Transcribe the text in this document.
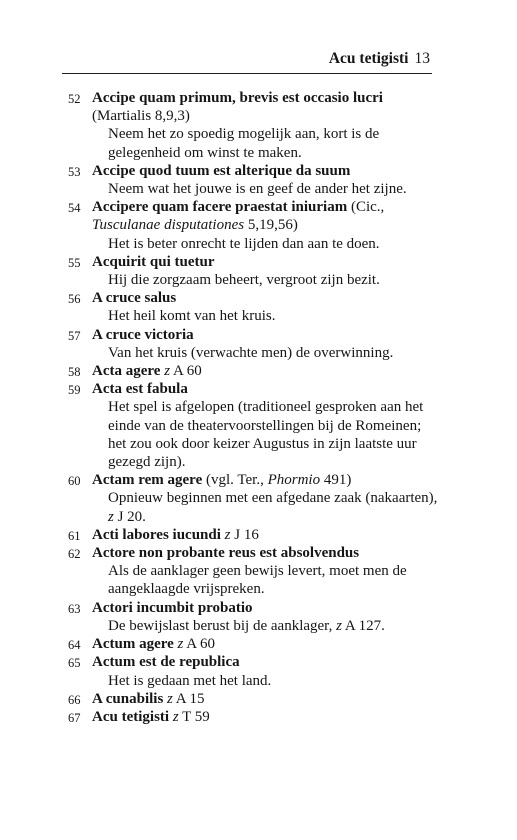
Acu tetigisti 13
52 Accipe quam primum, brevis est occasio lucri (Martialis 8,9,3)
Neem het zo spoedig mogelijk aan, kort is de gelegenheid om winst te maken.
53 Accipe quod tuum est alterique da suum
Neem wat het jouwe is en geef de ander het zijne.
54 Accipere quam facere praestat iniuriam (Cic., Tusculanae disputationes 5,19,56)
Het is beter onrecht te lijden dan aan te doen.
55 Acquirit qui tuetur
Hij die zorgzaam beheert, vergroot zijn bezit.
56 A cruce salus
Het heil komt van het kruis.
57 A cruce victoria
Van het kruis (verwachte men) de overwinning.
58 Acta agere z A 60
59 Acta est fabula
Het spel is afgelopen (traditioneel gesproken aan het einde van de theatervoorstellingen bij de Romeinen; het zou ook door keizer Augustus in zijn laatste uur gezegd zijn).
60 Actam rem agere (vgl. Ter., Phormio 491)
Opnieuw beginnen met een afgedane zaak (nakaarten), z J 20.
61 Acti labores iucundi z J 16
62 Actore non probante reus est absolvendus
Als de aanklager geen bewijs levert, moet men de aangeklaagde vrijspreken.
63 Actori incumbit probatio
De bewijslast berust bij de aanklager, z A 127.
64 Actum agere z A 60
65 Actum est de republica
Het is gedaan met het land.
66 A cunabilis z A 15
67 Acu tetigisti z T 59
